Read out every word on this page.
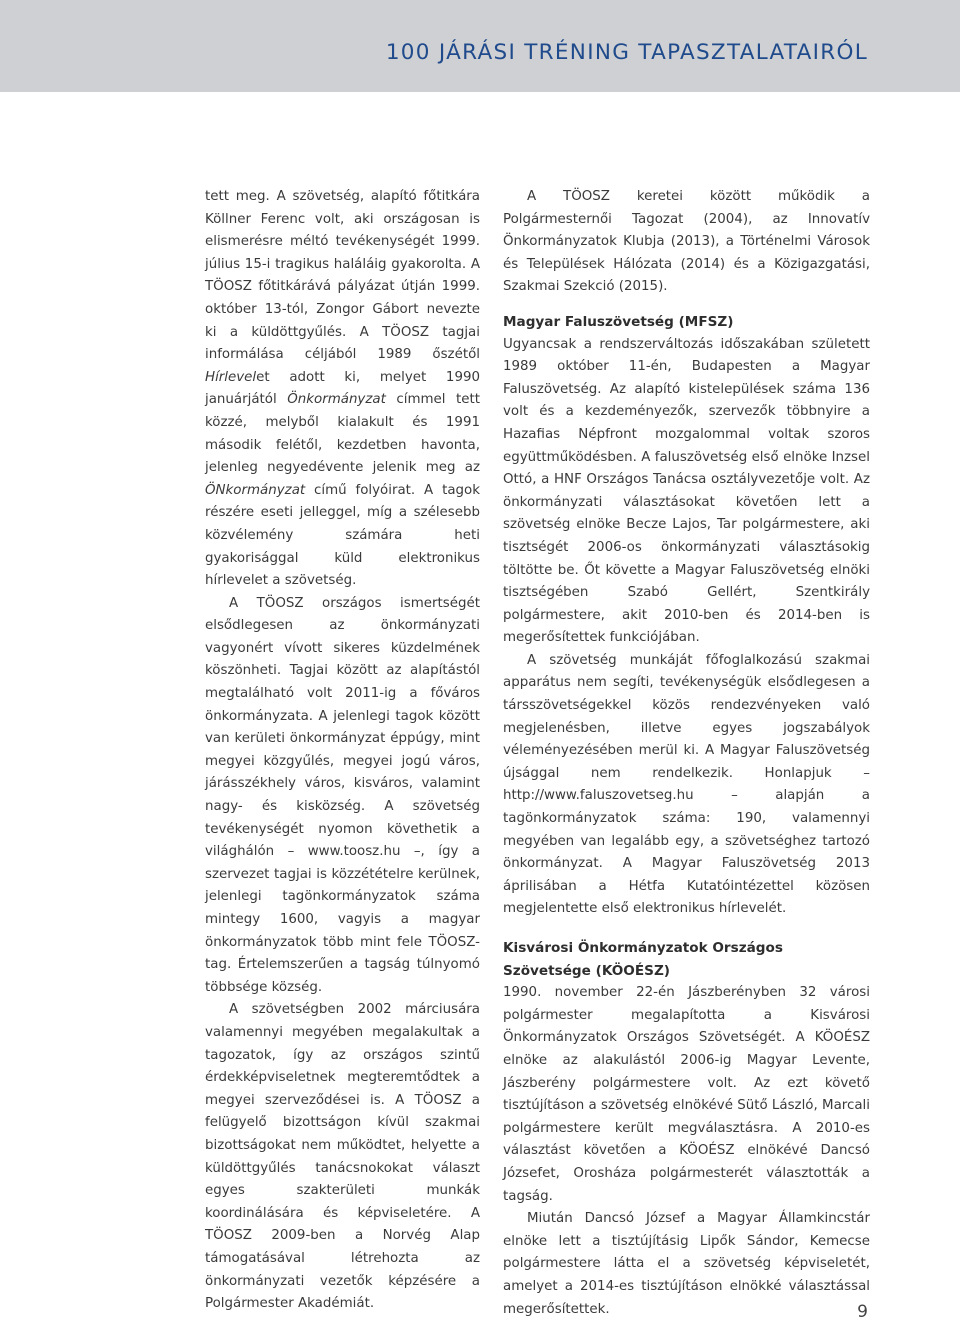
100 JÁRÁSI TRÉNING TAPASZTALATAIRÓL

tett meg. A szövetség, alapító főtitkára Köllner Ferenc volt, aki országosan is elismerésre méltó tevékenységét 1999. július 15-i tragikus haláláig gyakorolta. A TÖOSZ főtitkárává pályázat útján 1999. október 13-tól, Zongor Gábort nevezte ki a küldöttgyűlés. A TÖOSZ tagjai informálása céljából 1989 őszétől Hírlevelet adott ki, melyet 1990 januárjától Önkormányzat címmel tett közzé, melyből kialakult és 1991 második felétől, kezdetben havonta, jelenleg negyedévente jelenik meg az ÖNkormányzat című folyóirat. A tagok részére eseti jelleggel, míg a szélesebb közvélemény számára heti gyakorisággal küld elektronikus hírlevelet a szövetség.

A TÖOSZ országos ismertségét elsődlegesen az önkormányzati vagyonért vívott sikeres küzdelmének köszönheti. Tagjai között az alapítástól megtalálható volt 2011-ig a főváros önkormányzata. A jelenlegi tagok között van kerületi önkormányzat éppúgy, mint megyei közgyűlés, megyei jogú város, járásszékhely város, kisváros, valamint nagy- és kisközség. A szövetség tevékenységét nyomon követhetik a világhálón – www.toosz.hu –, így a szervezet tagjai is közzétételre kerülnek, jelenlegi tagönkormányzatok száma mintegy 1600, vagyis a magyar önkormányzatok több mint fele TÖOSZ-tag. Értelemszerűen a tagság túlnyomó többsége község.

A szövetségben 2002 márciusára valamennyi megyében megalakultak a tagozatok, így az országos szintű érdekképviseletnek megteremtődtek a megyei szerveződései is. A TÖOSZ a felügyelő bizottságon kívül szakmai bizottságokat nem működtet, helyette a küldöttgyűlés tanácsnokokat választ egyes szakterületi munkák koordinálására és képviseletére. A TÖOSZ 2009-ben a Norvég Alap támogatásával létrehozta az önkormányzati vezetők képzésére a Polgármester Akadémiát.

A TÖOSZ keretei között működik a Polgármesternői Tagozat (2004), az Innovatív Önkormányzatok Klubja (2013), a Történelmi Városok és Települések Hálózata (2014) és a Közigazgatási, Szakmai Szekció (2015).

Magyar Faluszövetség (MFSZ)

Ugyancsak a rendszerváltozás időszakában született 1989 október 11-én, Budapesten a Magyar Faluszövetség. Az alapító kistelepülések száma 136 volt és a kezdeményezők, szervezők többnyire a Hazafias Népfront mozgalommal voltak szoros együttműködésben. A faluszövetség első elnöke Inzsel Ottó, a HNF Országos Tanácsa osztályvezetője volt. Az önkormányzati választásokat követően lett a szövetség elnöke Becze Lajos, Tar polgármestere, aki tisztségét 2006-os önkormányzati választásokig töltötte be. Őt követte a Magyar Faluszövetség elnöki tisztségében Szabó Gellért, Szentkirály polgármestere, akit 2010-ben és 2014-ben is megerősítettek funkciójában.

A szövetség munkáját főfoglalkozású szakmai apparátus nem segíti, tevékenységük elsődlegesen a társszövetségekkel közös rendezvényeken való megjelenésben, illetve egyes jogszabályok véleményezésében merül ki. A Magyar Faluszövetség újsággal nem rendelkezik. Honlapjuk – http://www.faluszovetseg.hu – alapján a tagönkormányzatok száma: 190, valamennyi megyében van legalább egy, a szövetséghez tartozó önkormányzat. A Magyar Faluszövetség 2013 áprilisában a Hétfa Kutatóintézettel közösen megjelentette első elektronikus hírlevelét.

Kisvárosi Önkormányzatok Országos Szövetsége (KÖOÉSZ)

1990. november 22-én Jászberényben 32 városi polgármester megalapította a Kisvárosi Önkormányzatok Országos Szövetségét. A KÖOÉSZ elnöke az alakulástól 2006-ig Magyar Levente, Jászberény polgármestere volt. Az ezt követő tisztújításon a szövetség elnökévé Sütő László, Marcali polgármestere került megválasztásra. A 2010-es választást követően a KÖOÉSZ elnökévé Dancsó Józsefet, Orosháza polgármesterét választották a tagság.

Miután Dancsó József a Magyar Államkincstár elnöke lett a tisztújításig Lipők Sándor, Kemecse polgármestere látta el a szövetség képviseletét, amelyet a 2014-es tisztújításon elnökké választással megerősítettek.	9
